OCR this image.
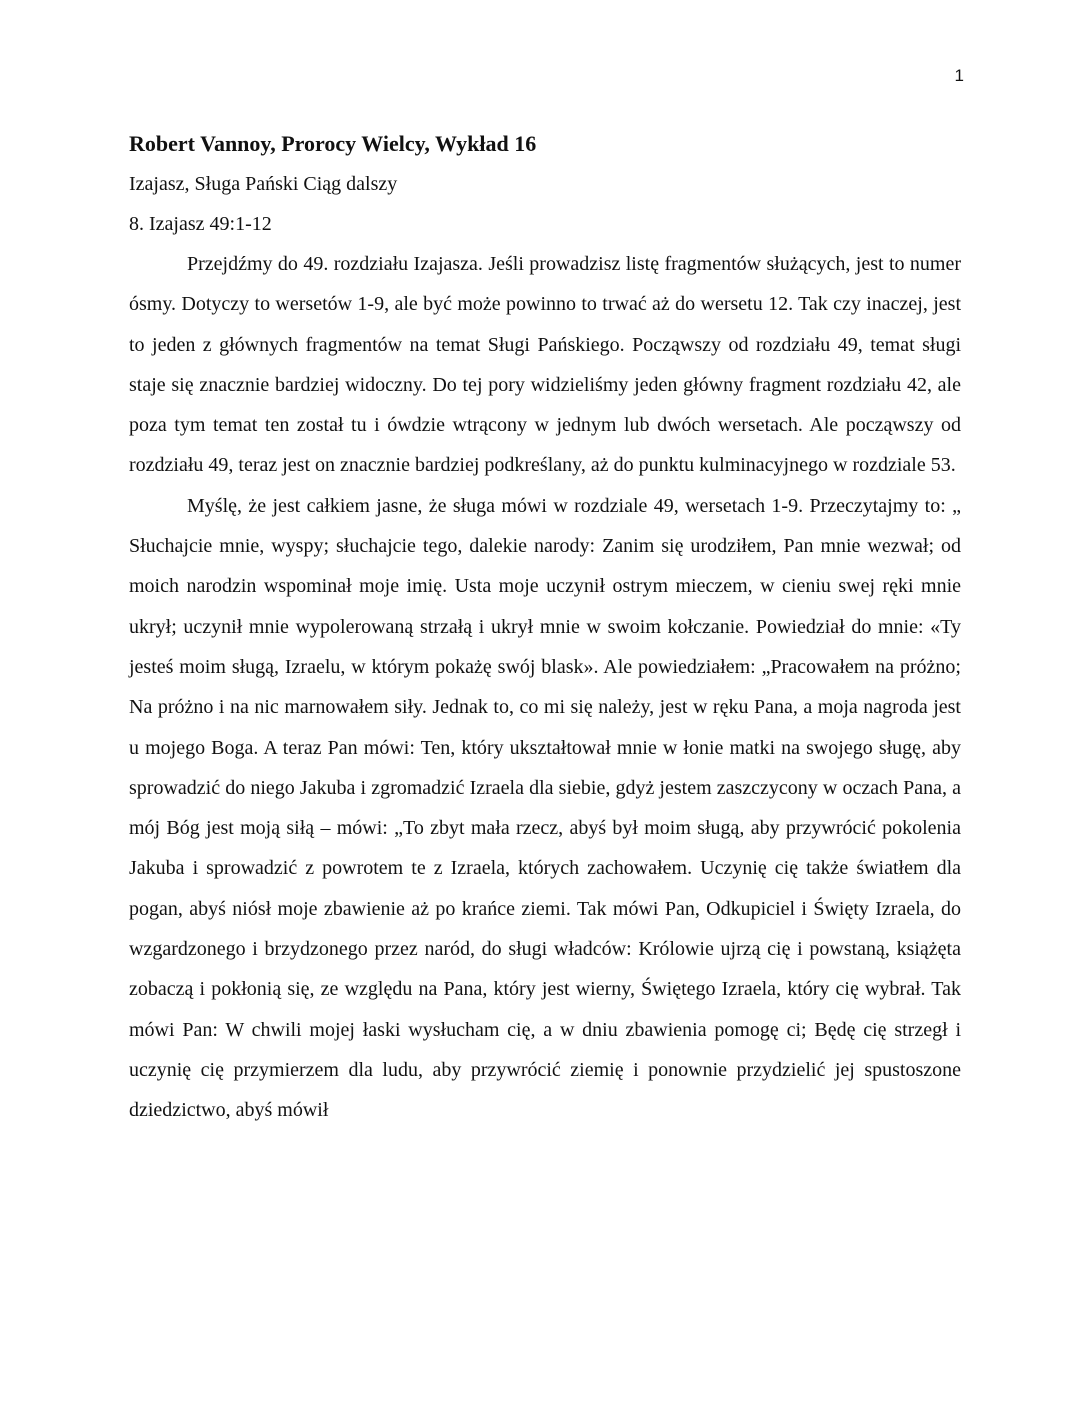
1
Robert Vannoy, Prorocy Wielcy, Wykład 16

Izajasz, Sługa Pański Ciąg dalszy

8. Izajasz 49:1-12

Przejdźmy do 49. rozdziału Izajasza. Jeśli prowadzisz listę fragmentów służących, jest to numer ósmy. Dotyczy to wersetów 1-9, ale być może powinno to trwać aż do wersetu 12. Tak czy inaczej, jest to jeden z głównych fragmentów na temat Sługi Pańskiego. Począwszy od rozdziału 49, temat sługi staje się znacznie bardziej widoczny. Do tej pory widzieliśmy jeden główny fragment rozdziału 42, ale poza tym temat ten został tu i ówdzie wtrącony w jednym lub dwóch wersetach. Ale począwszy od rozdziału 49, teraz jest on znacznie bardziej podkreślany, aż do punktu kulminacyjnego w rozdziale 53.

Myślę, że jest całkiem jasne, że sługa mówi w rozdziale 49, wersetach 1-9. Przeczytajmy to: „ Słuchajcie mnie, wyspy; słuchajcie tego, dalekie narody: Zanim się urodziłem, Pan mnie wezwał; od moich narodzin wspominał moje imię. Usta moje uczynił ostrym mieczem, w cieniu swej ręki mnie ukrył; uczynił mnie wypolerowaną strzałą i ukrył mnie w swoim kołczanie. Powiedział do mnie: «Ty jesteś moim sługą, Izraelu, w którym pokażę swój blask». Ale powiedziałem: „Pracowałem na próżno; Na próżno i na nic marnowałem siły. Jednak to, co mi się należy, jest w ręku Pana, a moja nagroda jest u mojego Boga. A teraz Pan mówi: Ten, który ukształtował mnie w łonie matki na swojego sługę, aby sprowadzić do niego Jakuba i zgromadzić Izraela dla siebie, gdyż jestem zaszczycony w oczach Pana, a mój Bóg jest moją siłą – mówi: „To zbyt mała rzecz, abyś był moim sługą, aby przywrócić pokolenia Jakuba i sprowadzić z powrotem te z Izraela, których zachowałem. Uczynię cię także światłem dla pogan, abyś niósł moje zbawienie aż po krańce ziemi. Tak mówi Pan, Odkupiciel i Święty Izraela, do wzgardzonego i brzydzonego przez naród, do sługi władców: Królowie ujrzą cię i powstaną, książęta zobaczą i pokłonią się, ze względu na Pana, który jest wierny, Świętego Izraela, który cię wybrał. Tak mówi Pan: W chwili mojej łaski wysłucham cię, a w dniu zbawienia pomogę ci; Będę cię strzegł i uczynię cię przymierzem dla ludu, aby przywrócić ziemię i ponownie przydzielić jej spustoszone dziedzictwo, abyś mówił
